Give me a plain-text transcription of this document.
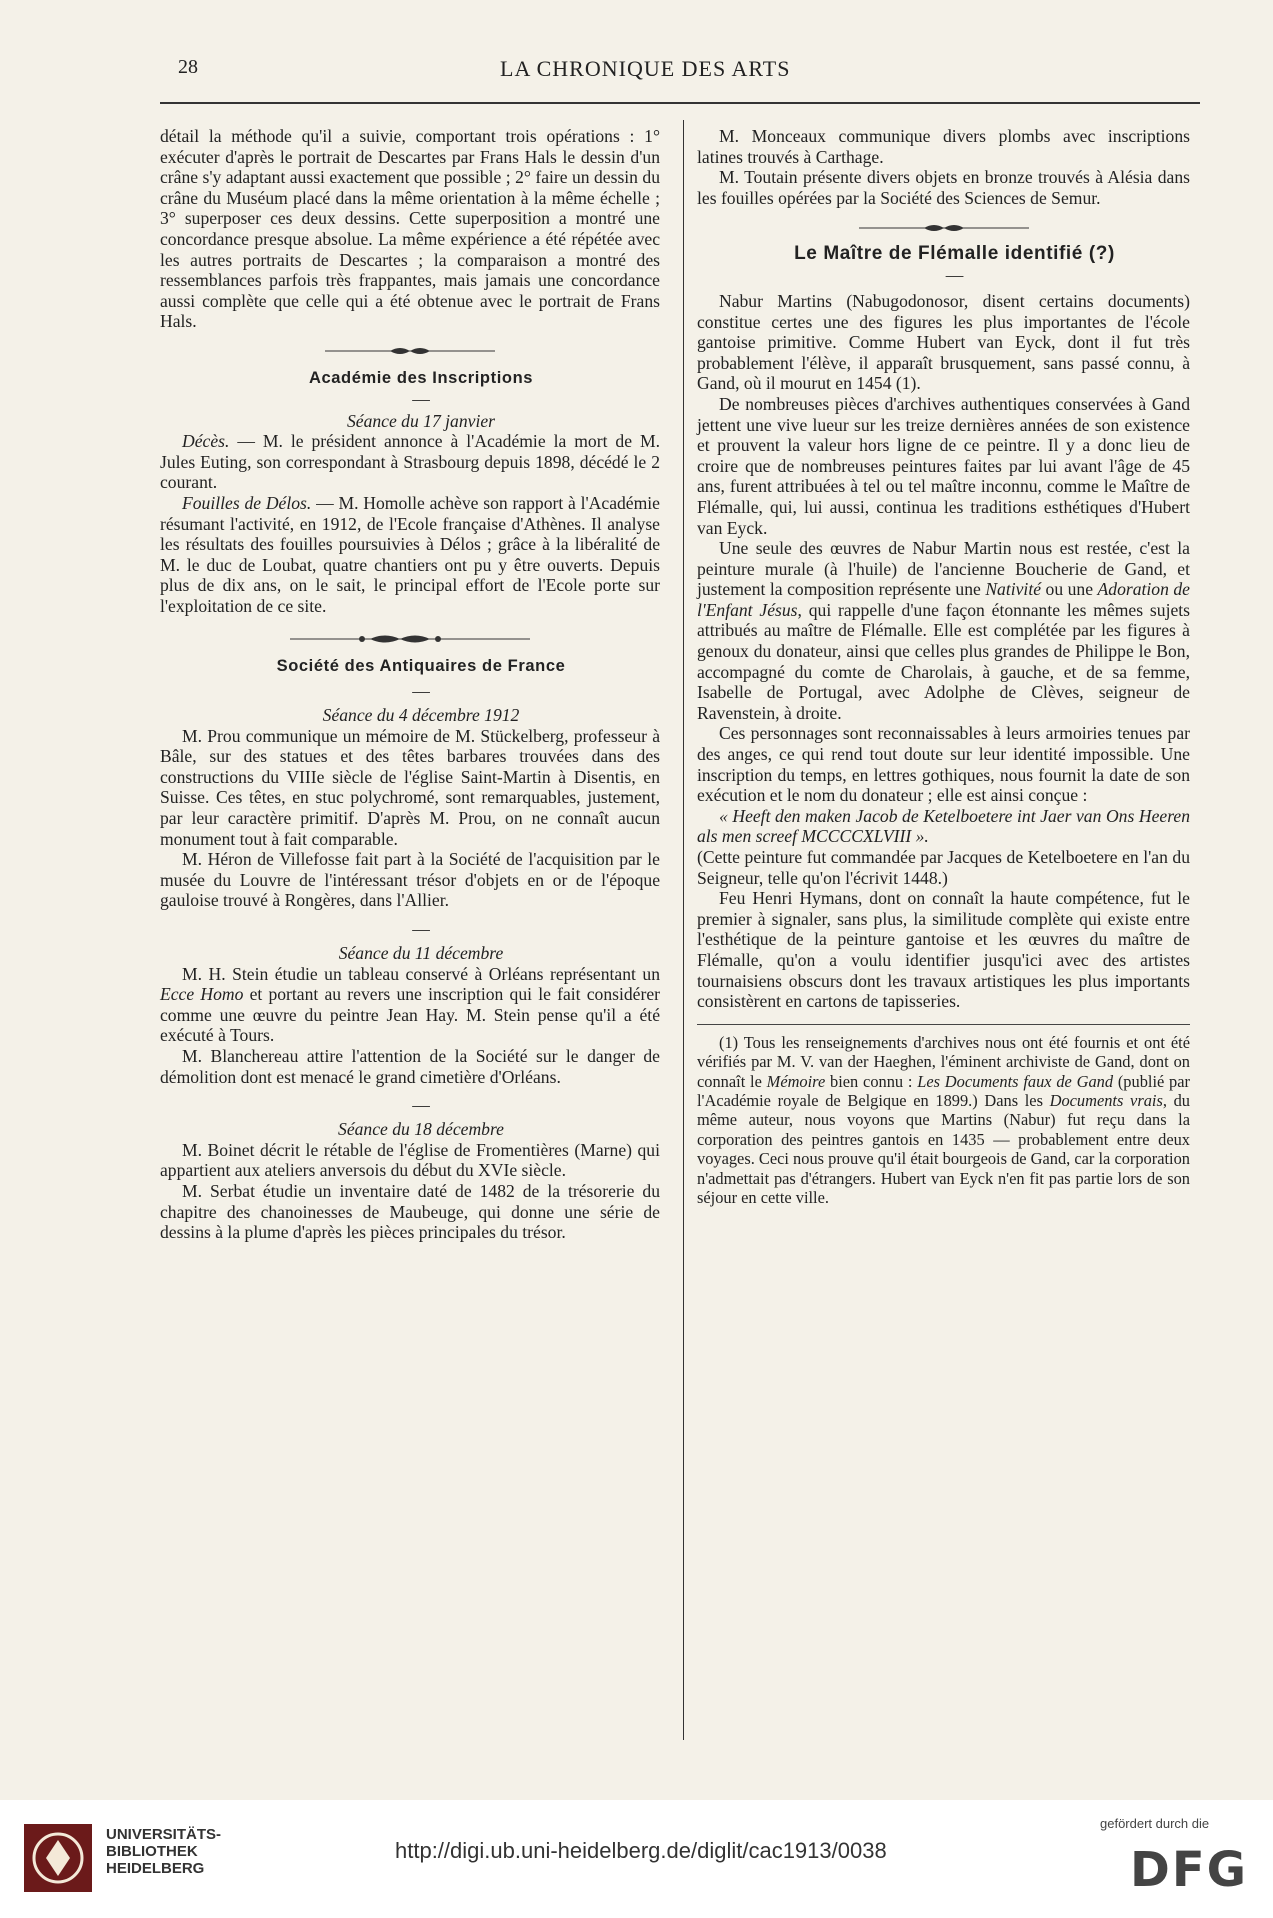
28	LA CHRONIQUE DES ARTS

détail la méthode qu'il a suivie, comportant trois opérations : 1° exécuter d'après le portrait de Descartes par Frans Hals le dessin d'un crâne s'y adaptant aussi exactement que possible ; 2° faire un dessin du crâne du Muséum placé dans la même orientation à la même échelle ; 3° superposer ces deux dessins. Cette superposition a montré une concordance presque absolue. La même expérience a été répétée avec les autres portraits de Descartes ; la comparaison a montré des ressemblances parfois très frappantes, mais jamais une concordance aussi complète que celle qui a été obtenue avec le portrait de Frans Hals.

Académie des Inscriptions

—

Séance du 17 janvier

Décès. — M. le président annonce à l'Académie la mort de M. Jules Euting, son correspondant à Strasbourg depuis 1898, décédé le 2 courant.

Fouilles de Délos. — M. Homolle achève son rapport à l'Académie résumant l'activité, en 1912, de l'Ecole française d'Athènes. Il analyse les résultats des fouilles poursuivies à Délos ; grâce à la libéralité de M. le duc de Loubat, quatre chantiers ont pu y être ouverts. Depuis plus de dix ans, on le sait, le principal effort de l'Ecole porte sur l'exploitation de ce site.

Société des Antiquaires de France

—

Séance du 4 décembre 1912

M. Prou communique un mémoire de M. Stückelberg, professeur à Bâle, sur des statues et des têtes barbares trouvées dans des constructions du VIIIe siècle de l'église Saint-Martin à Disentis, en Suisse. Ces têtes, en stuc polychromé, sont remarquables, justement, par leur caractère primitif. D'après M. Prou, on ne connaît aucun monument tout à fait comparable.

M. Héron de Villefosse fait part à la Société de l'acquisition par le musée du Louvre de l'intéressant trésor d'objets en or de l'époque gauloise trouvé à Rongères, dans l'Allier.

—

Séance du 11 décembre

M. H. Stein étudie un tableau conservé à Orléans représentant un Ecce Homo et portant au revers une inscription qui le fait considérer comme une œuvre du peintre Jean Hay. M. Stein pense qu'il a été exécuté à Tours.

M. Blanchereau attire l'attention de la Société sur le danger de démolition dont est menacé le grand cimetière d'Orléans.

—

Séance du 18 décembre

M. Boinet décrit le rétable de l'église de Fromentières (Marne) qui appartient aux ateliers anversois du début du XVIe siècle.

M. Serbat étudie un inventaire daté de 1482 de la trésorerie du chapitre des chanoinesses de Maubeuge, qui donne une série de dessins à la plume d'après les pièces principales du trésor.

M. Monceaux communique divers plombs avec inscriptions latines trouvés à Carthage.

M. Toutain présente divers objets en bronze trouvés à Alésia dans les fouilles opérées par la Société des Sciences de Semur.

Le Maître de Flémalle identifié (?)

—

Nabur Martins (Nabugodonosor, disent certains documents) constitue certes une des figures les plus importantes de l'école gantoise primitive. Comme Hubert van Eyck, dont il fut très probablement l'élève, il apparaît brusquement, sans passé connu, à Gand, où il mourut en 1454 (1).

De nombreuses pièces d'archives authentiques conservées à Gand jettent une vive lueur sur les treize dernières années de son existence et prouvent la valeur hors ligne de ce peintre. Il y a donc lieu de croire que de nombreuses peintures faites par lui avant l'âge de 45 ans, furent attribuées à tel ou tel maître inconnu, comme le Maître de Flémalle, qui, lui aussi, continua les traditions esthétiques d'Hubert van Eyck.

Une seule des œuvres de Nabur Martin nous est restée, c'est la peinture murale (à l'huile) de l'ancienne Boucherie de Gand, et justement la composition représente une Nativité ou une Adoration de l'Enfant Jésus, qui rappelle d'une façon étonnante les mêmes sujets attribués au maître de Flémalle. Elle est complétée par les figures à genoux du donateur, ainsi que celles plus grandes de Philippe le Bon, accompagné du comte de Charolais, à gauche, et de sa femme, Isabelle de Portugal, avec Adolphe de Clèves, seigneur de Ravenstein, à droite.

Ces personnages sont reconnaissables à leurs armoiries tenues par des anges, ce qui rend tout doute sur leur identité impossible. Une inscription du temps, en lettres gothiques, nous fournit la date de son exécution et le nom du donateur ; elle est ainsi conçue :

« Heeft den maken Jacob de Ketelboetere int Jaer van Ons Heeren als men screef MCCCCXLVIII ».

(Cette peinture fut commandée par Jacques de Ketelboetere en l'an du Seigneur, telle qu'on l'écrivit 1448.)

Feu Henri Hymans, dont on connaît la haute compétence, fut le premier à signaler, sans plus, la similitude complète qui existe entre l'esthétique de la peinture gantoise et les œuvres du maître de Flémalle, qu'on a voulu identifier jusqu'ici avec des artistes tournaisiens obscurs dont les travaux artistiques les plus importants consistèrent en cartons de tapisseries.

(1) Tous les renseignements d'archives nous ont été fournis et ont été vérifiés par M. V. van der Haeghen, l'éminent archiviste de Gand, dont on connaît le Mémoire bien connu : Les Documents faux de Gand (publié par l'Académie royale de Belgique en 1899.) Dans les Documents vrais, du même auteur, nous voyons que Martins (Nabur) fut reçu dans la corporation des peintres gantois en 1435 — probablement entre deux voyages. Ceci nous prouve qu'il était bourgeois de Gand, car la corporation n'admettait pas d'étrangers. Hubert van Eyck n'en fit pas partie lors de son séjour en cette ville.

UNIVERSITÄTS-
BIBLIOTHEK
HEIDELBERG
http://digi.ub.uni-heidelberg.de/diglit/cac1913/0038
gefördert durch die
DFG
